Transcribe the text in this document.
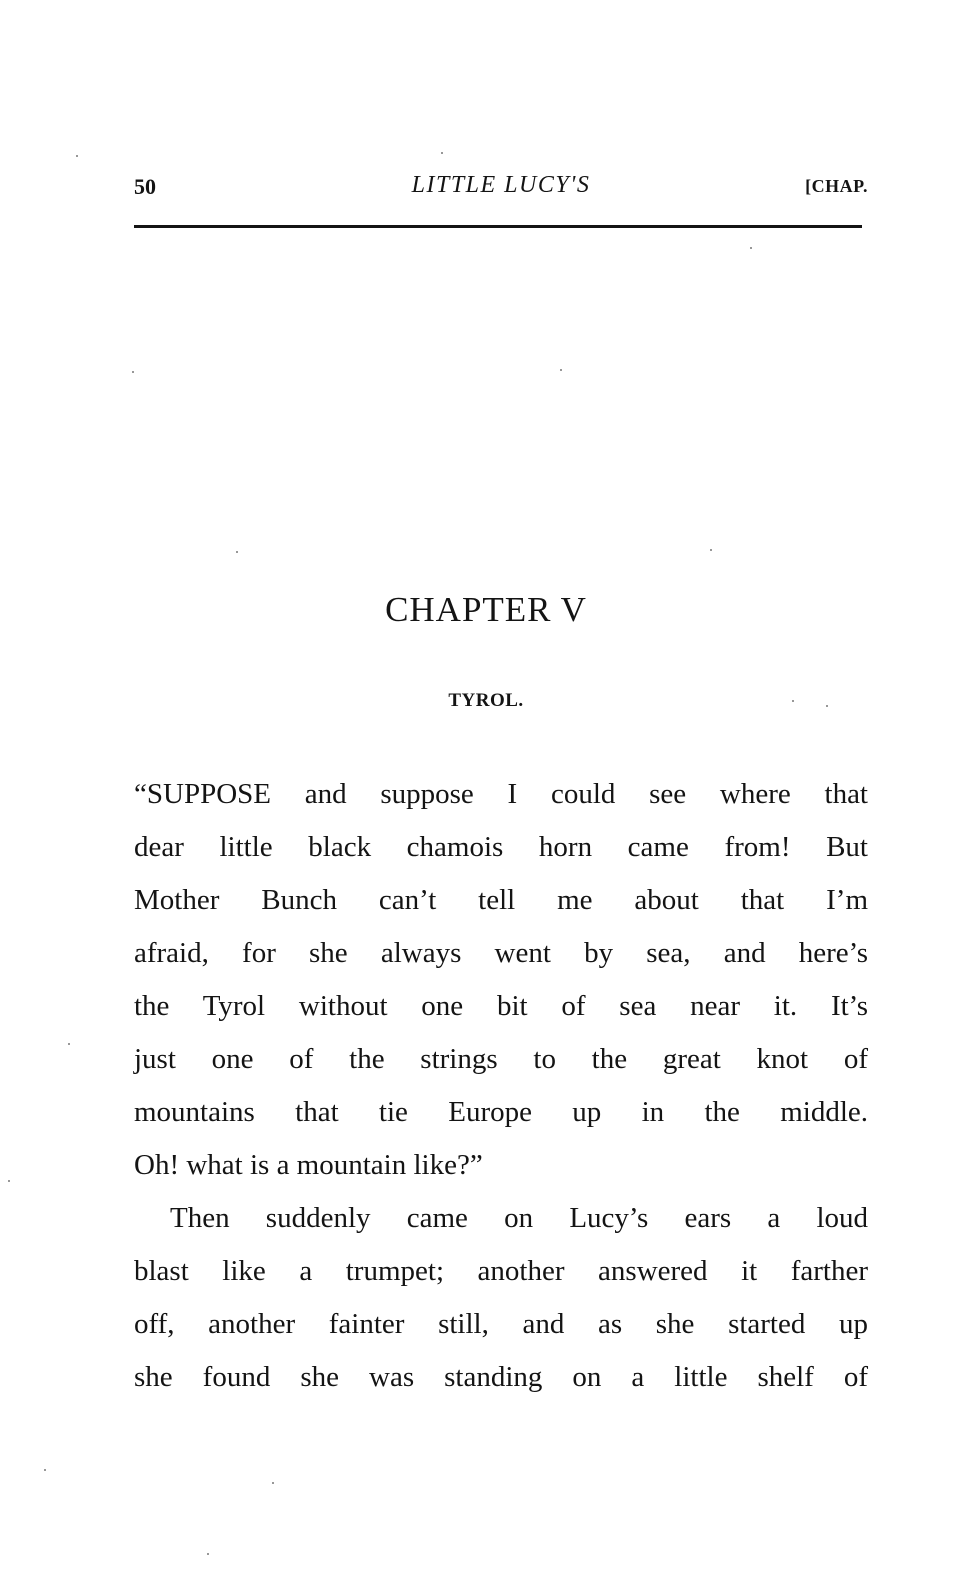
50	LITTLE LUCY'S	[CHAP.
CHAPTER V
TYROL.
“SUPPOSE and suppose I could see where that
dear little black chamois horn came from! But
Mother Bunch can’t tell me about that I’m
afraid, for she always went by sea, and here’s
the Tyrol without one bit of sea near it. It’s
just one of the strings to the great knot of
mountains that tie Europe up in the middle.
Oh! what is a mountain like?”
Then suddenly came on Lucy’s ears a loud
blast like a trumpet; another answered it farther
off, another fainter still, and as she started up
she found she was standing on a little shelf of
